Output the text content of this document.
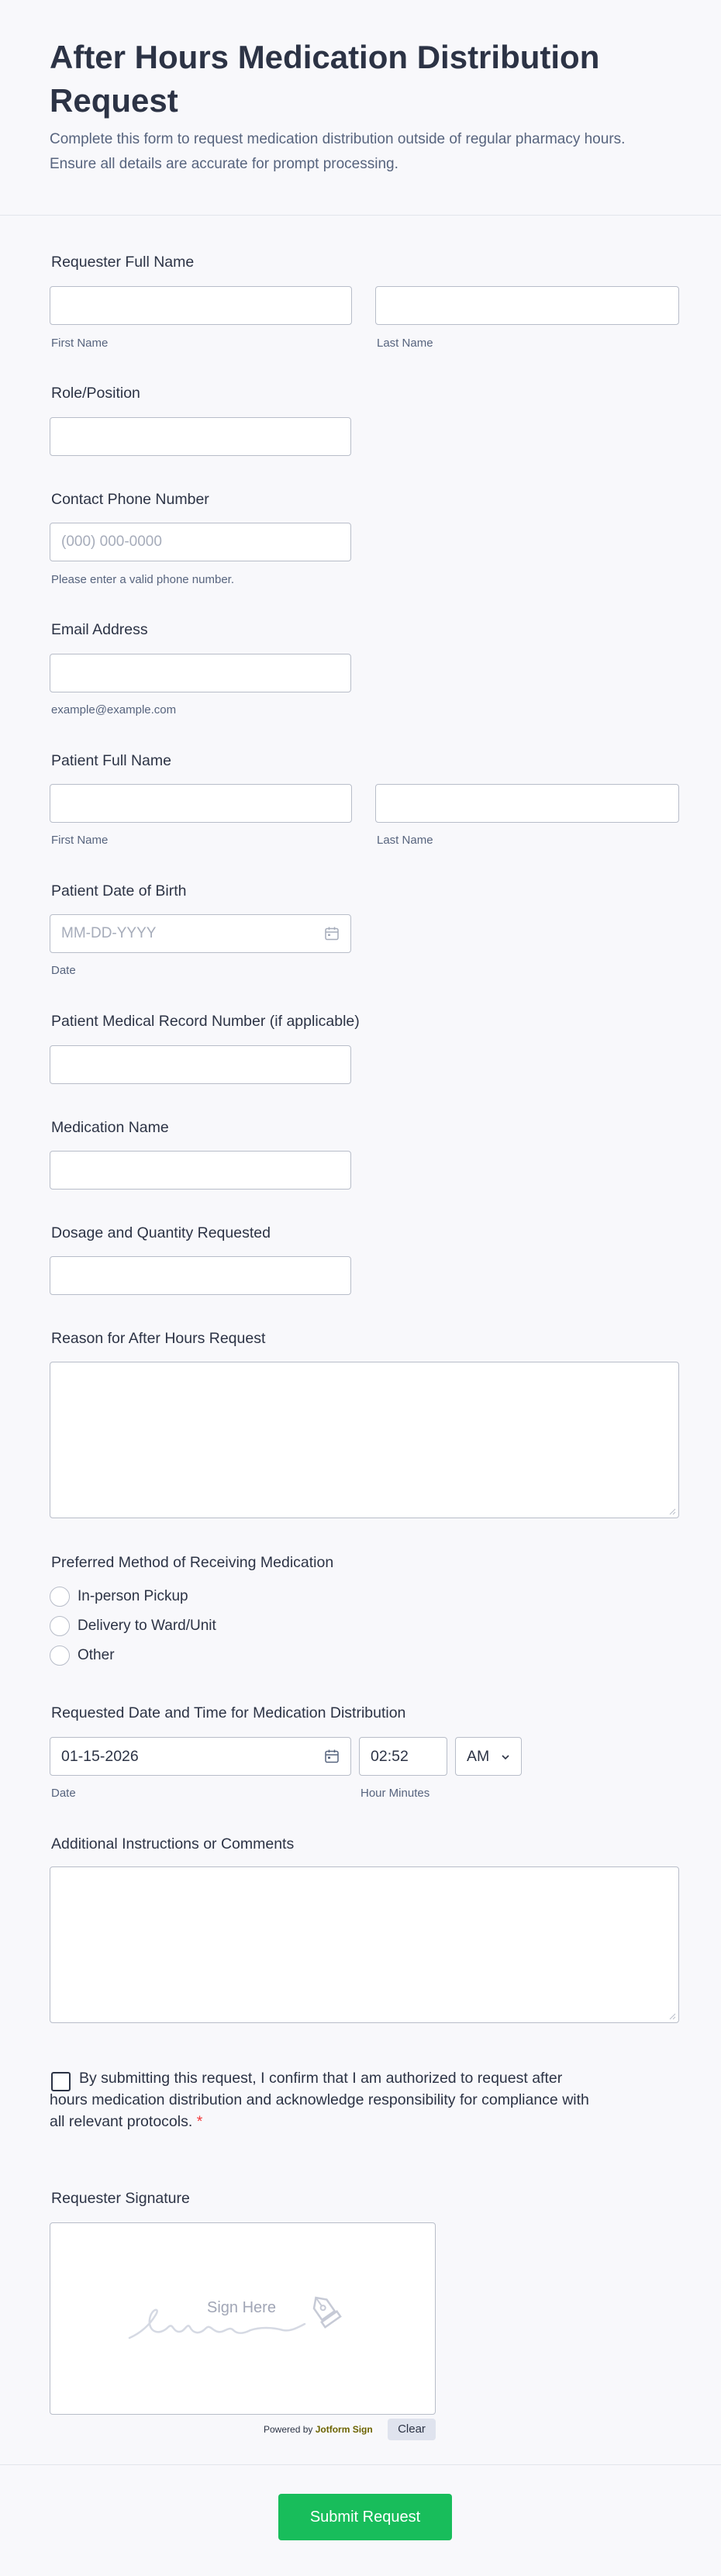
After Hours Medication Distribution Request
Complete this form to request medication distribution outside of regular pharmacy hours. Ensure all details are accurate for prompt processing.
Requester Full Name
First Name	Last Name
Role/Position
Contact Phone Number
(000) 000-0000
Please enter a valid phone number.
Email Address
example@example.com
Patient Full Name
First Name	Last Name
Patient Date of Birth
MM-DD-YYYY
Date
Patient Medical Record Number (if applicable)
Medication Name
Dosage and Quantity Requested
Reason for After Hours Request
Preferred Method of Receiving Medication
In-person Pickup
Delivery to Ward/Unit
Other
Requested Date and Time for Medication Distribution
01-15-2026	02:52	AM
Date	Hour Minutes
Additional Instructions or Comments
By submitting this request, I confirm that I am authorized to request after hours medication distribution and acknowledge responsibility for compliance with all relevant protocols. *
Requester Signature
Sign Here
Powered by Jotform Sign	Clear
Submit Request
